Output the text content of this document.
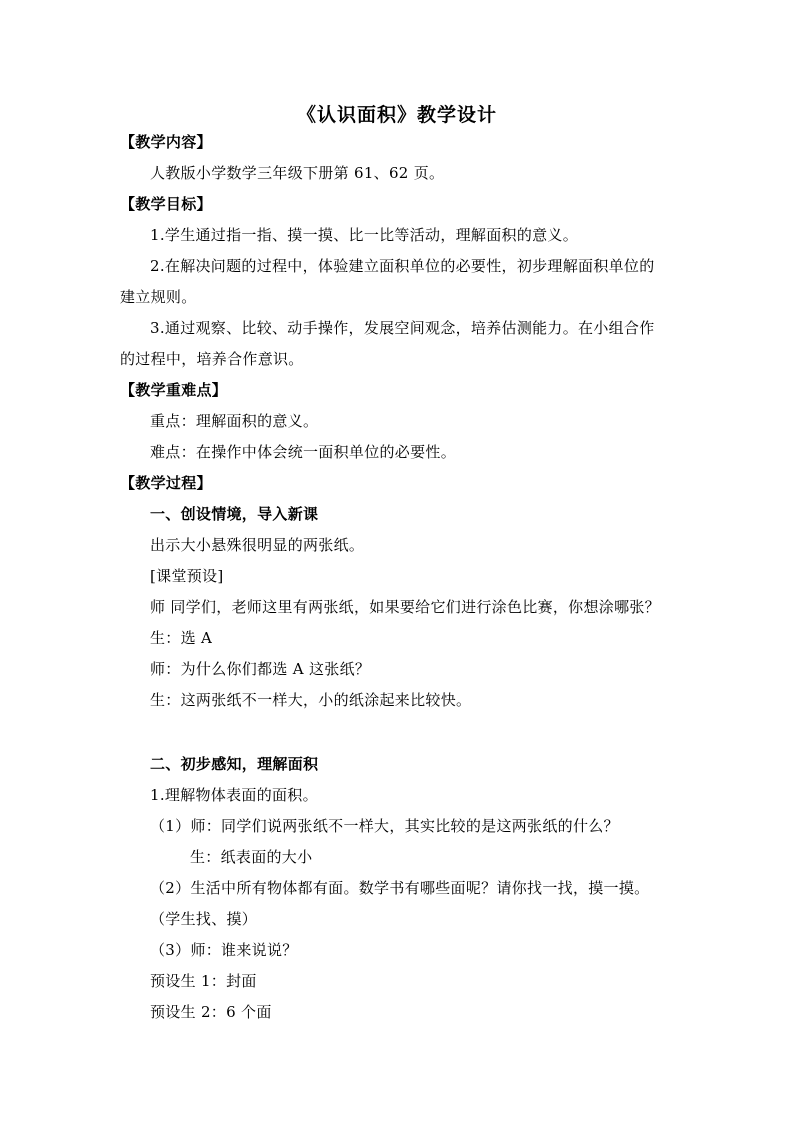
《认识面积》教学设计
【教学内容】
人教版小学数学三年级下册第 61、62 页。
【教学目标】
1.学生通过指一指、摸一摸、比一比等活动，理解面积的意义。
2.在解决问题的过程中，体验建立面积单位的必要性，初步理解面积单位的
建立规则。
3.通过观察、比较、动手操作，发展空间观念，培养估测能力。在小组合作
的过程中，培养合作意识。
【教学重难点】
重点：理解面积的意义。
难点：在操作中体会统一面积单位的必要性。
【教学过程】
一、创设情境，导入新课
出示大小悬殊很明显的两张纸。
[课堂预设]
师 同学们，老师这里有两张纸，如果要给它们进行涂色比赛，你想涂哪张？
生：选 A
师：为什么你们都选 A 这张纸？
生：这两张纸不一样大，小的纸涂起来比较快。
二、初步感知，理解面积
1.理解物体表面的面积。
（1）师：同学们说两张纸不一样大，其实比较的是这两张纸的什么？
生：纸表面的大小
（2）生活中所有物体都有面。数学书有哪些面呢？请你找一找，摸一摸。
（学生找、摸）
（3）师：谁来说说？
预设生 1：封面
预设生 2：6 个面
